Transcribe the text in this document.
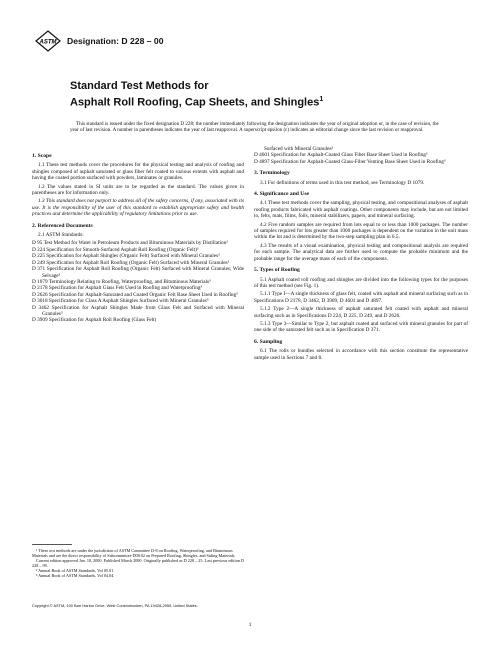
ASTM Designation: D 228 – 00
Standard Test Methods for
Asphalt Roll Roofing, Cap Sheets, and Shingles$^1$

This standard is issued under the fixed designation D 228; the number immediately following the designation indicates the year of original adoption or, in the case of revision, the year of last revision. A number in parentheses indicates the year of last reapproval. A superscript epsilon (ε) indicates an editorial change since the last revision or reapproval.

1. Scope

1.1 These test methods cover the procedures for the physical testing and analysis of roofing and shingles composed of asphalt saturated or glass fiber felt coated to various extents with asphalt and having the coated portion surfaced with powders, laminates or granules.

1.2 The values stated in SI units are to be regarded as the standard. The values given in parentheses are for information only.

1.3 This standard does not purport to address all of the safety concerns, if any, associated with its use. It is the responsibility of the user of this standard to establish appropriate safety and health practices and determine the applicability of regulatory limitations prior to use.

2. Referenced Documents

2.1 ASTM Standards:

D 95 Test Method for Water in Petroleum Products and Bituminous Materials by Distillation²

D 224 Specification for Smooth-Surfaced Asphalt Roll Roofing (Organic Felt)³

D 225 Specification for Asphalt Shingles (Organic Felt) Surfaced with Mineral Granules³

D 249 Specification for Asphalt Roll Roofing (Organic Felt) Surfaced with Mineral Granules³

D 371 Specification for Asphalt Roll Roofing (Organic Felt) Surfaced with Mineral Granules; Wide Selvage³

D 1079 Terminology Relating to Roofing, Waterproofing, and Bituminous Materials³

D 2178 Specification for Asphalt Glass Felt Used in Roofing and Waterproofing³

D 2626 Specification for Asphalt-Saturated and Coated Organic Felt Base Sheet Used in Roofing³

D 3018 Specification for Class A Asphalt Shingles Surfaced with Mineral Granules³

D 3462 Specification for Asphalt Shingles Made from Glass Felt and Surfaced with Mineral Granules³

D 3909 Specification for Asphalt Roll Roofing (Glass Felt)

Surfaced with Mineral Granules³

D 4601 Specification for Asphalt-Coated Glass Fiber Base Sheet Used in Roofing³

D 4897 Specification for Asphalt-Coated Glass-Fiber Venting Base Sheet Used in Roofing³

3. Terminology

3.1 For definitions of terms used in this test method, see Terminology D 1079.

4. Significance and Use

4.1 These test methods cover the sampling, physical testing, and compositional analyses of asphalt roofing products fabricated with asphalt coatings. Other components may include, but are not limited to, felts, mats, films, foils, mineral stabilizers, papers, and mineral surfacing.

4.2 Five random samples are required from lots equal to or less than 1000 packages. The number of samples required for lots greater than 1000 packages is dependent on the variation in the unit mass within the lot and is determined by the two-step sampling plan in 6.5.

4.3 The results of a visual examination, physical testing and compositional analysis are required for each sample. The analytical data are further used to compute the probable minimum and the probable range for the average mass of each of the components.

5. Types of Roofing

5.1 Asphalt coated roll roofing and shingles are divided into the following types for the purposes of this test method (see Fig. 1).

5.1.1 Type I—A single thickness of glass felt, coated with asphalt and mineral surfacing such as in Specifications D 2178, D 3462, D 3909, D 4601 and D 4897.

5.1.2 Type 2—A single thickness of asphalt saturated felt coated with asphalt and mineral surfacing such as in Specifications D 224, D 225, D 249, and D 2626.

5.1.3 Type 3—Similar to Type 2, but asphalt coated and surfaced with mineral granules for part of one side of the saturated felt such as in Specification D 371.

6. Sampling

6.1 The rolls or bundles selected in accordance with this section constitute the representative sample used in Sections 7 and 8.

¹ These test methods are under the jurisdiction of ASTM Committee D-8 on Roofing, Waterproofing, and Bituminous Materials and are the direct responsibility of Subcommittee D08.02 on Prepared Roofing, Shingles, and Siding Materials.

Current edition approved Jan. 10, 2000. Published March 2000. Originally published as D 228 – 25. Last previous edition D 228 – 99.

² Annual Book of ASTM Standards, Vol 05.01.

³ Annual Book of ASTM Standards, Vol 04.04.

Copyright © ASTM, 100 Barr Harbor Drive, West Conshohocken, PA 19428-2959, United States.
1
